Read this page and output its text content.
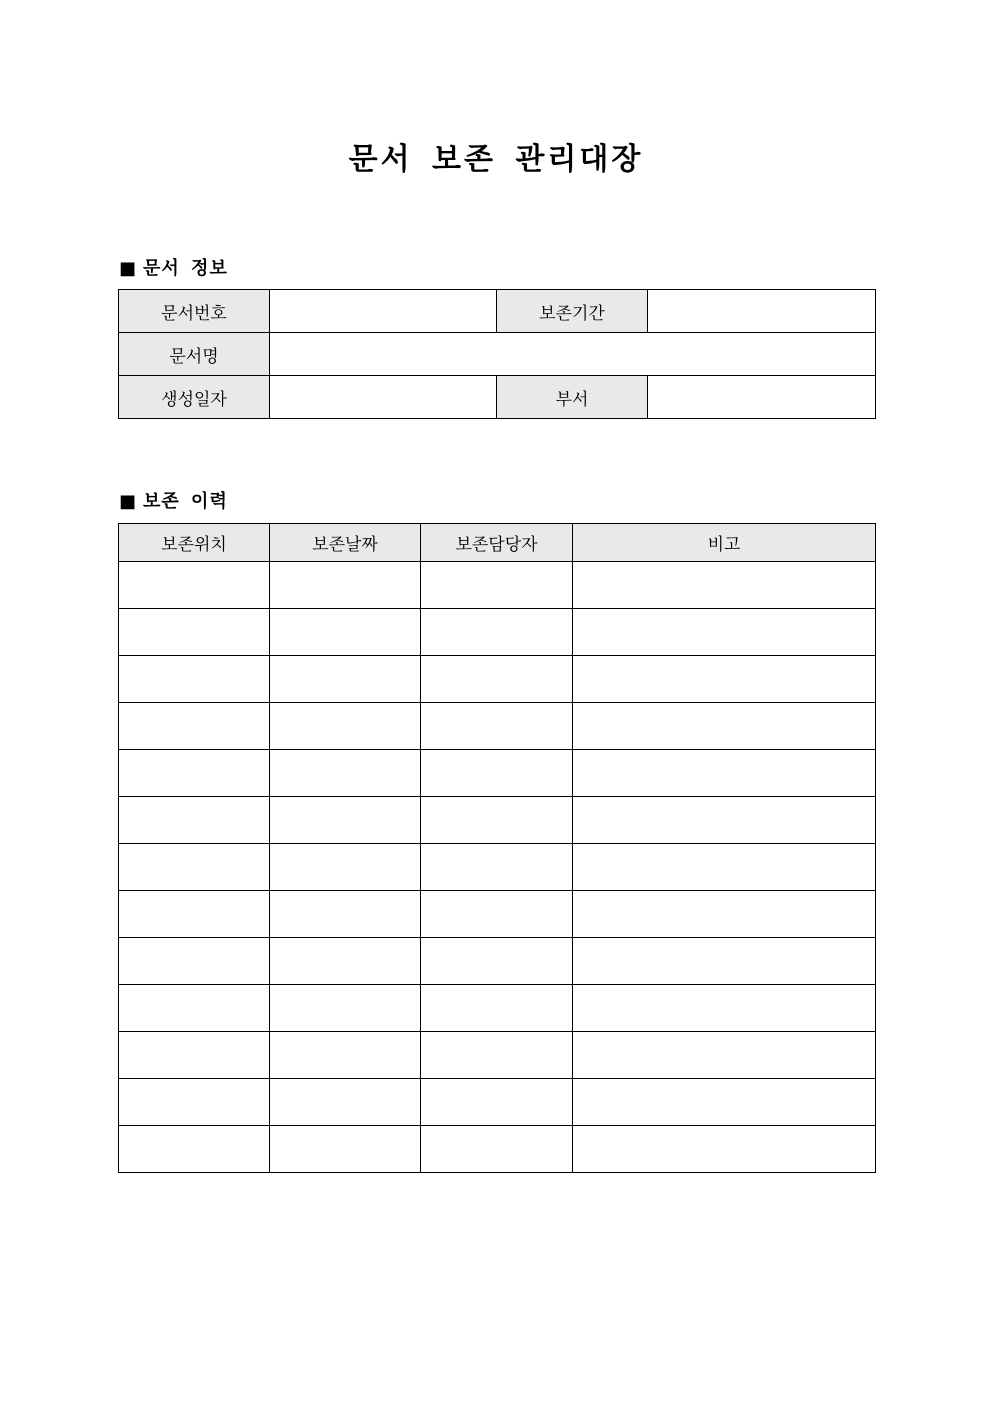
문서 보존 관리대장
■ 문서 정보
문서번호		보존기간	
문서명			
생성일자		부서	
■ 보존 이력
보존위치	보존날짜	보존담당자	비고
